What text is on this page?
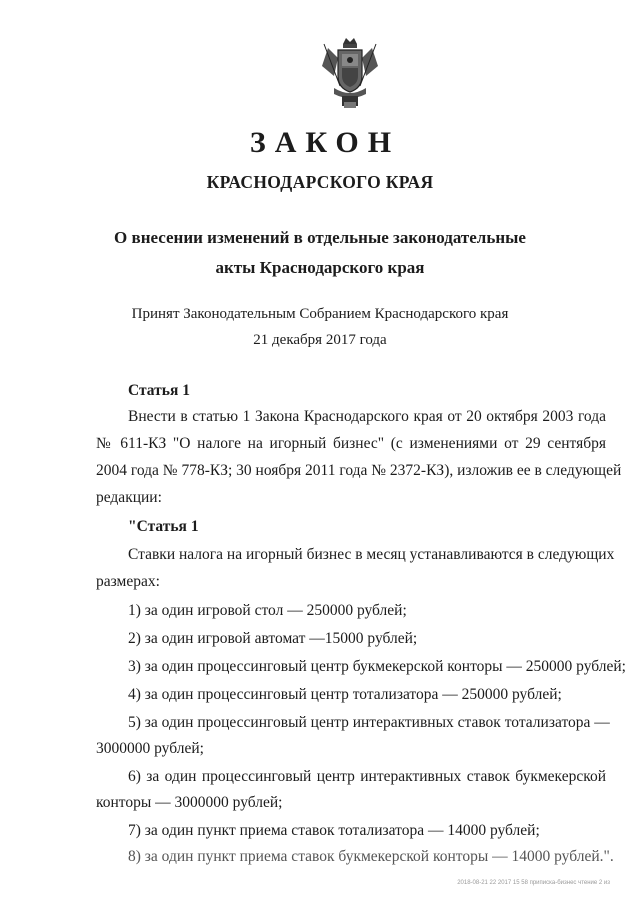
ЗАКОН
КРАСНОДАРСКОГО КРАЯ
О внесении изменений в отдельные законодательные
акты Краснодарского края
Принят Законодательным Собранием Краснодарского края
21 декабря 2017 года
Статья 1
Внести в статью 1 Закона Краснодарского края от 20 октября 2003 года
№ 611-КЗ "О налоге на игорный бизнес" (с изменениями от 29 сентября
2004 года № 778-КЗ; 30 ноября 2011 года № 2372-КЗ), изложив ее в следующей
редакции:
"Статья 1
Ставки налога на игорный бизнес в месяц устанавливаются в следующих
размерах:
1) за один игровой стол — 250000 рублей;
2) за один игровой автомат —15000 рублей;
3) за один процессинговый центр букмекерской конторы — 250000 рублей;
4) за один процессинговый центр тотализатора — 250000 рублей;
5) за один процессинговый центр интерактивных ставок тотализатора —
3000000 рублей;
6) за один процессинговый центр интерактивных ставок букмекерской
конторы — 3000000 рублей;
7) за один пункт приема ставок тотализатора — 14000 рублей;
8) за один пункт приема ставок букмекерской конторы — 14000 рублей.".
2018-08-21 22 2017 15 58 приписка-бизнес чтение 2 из
